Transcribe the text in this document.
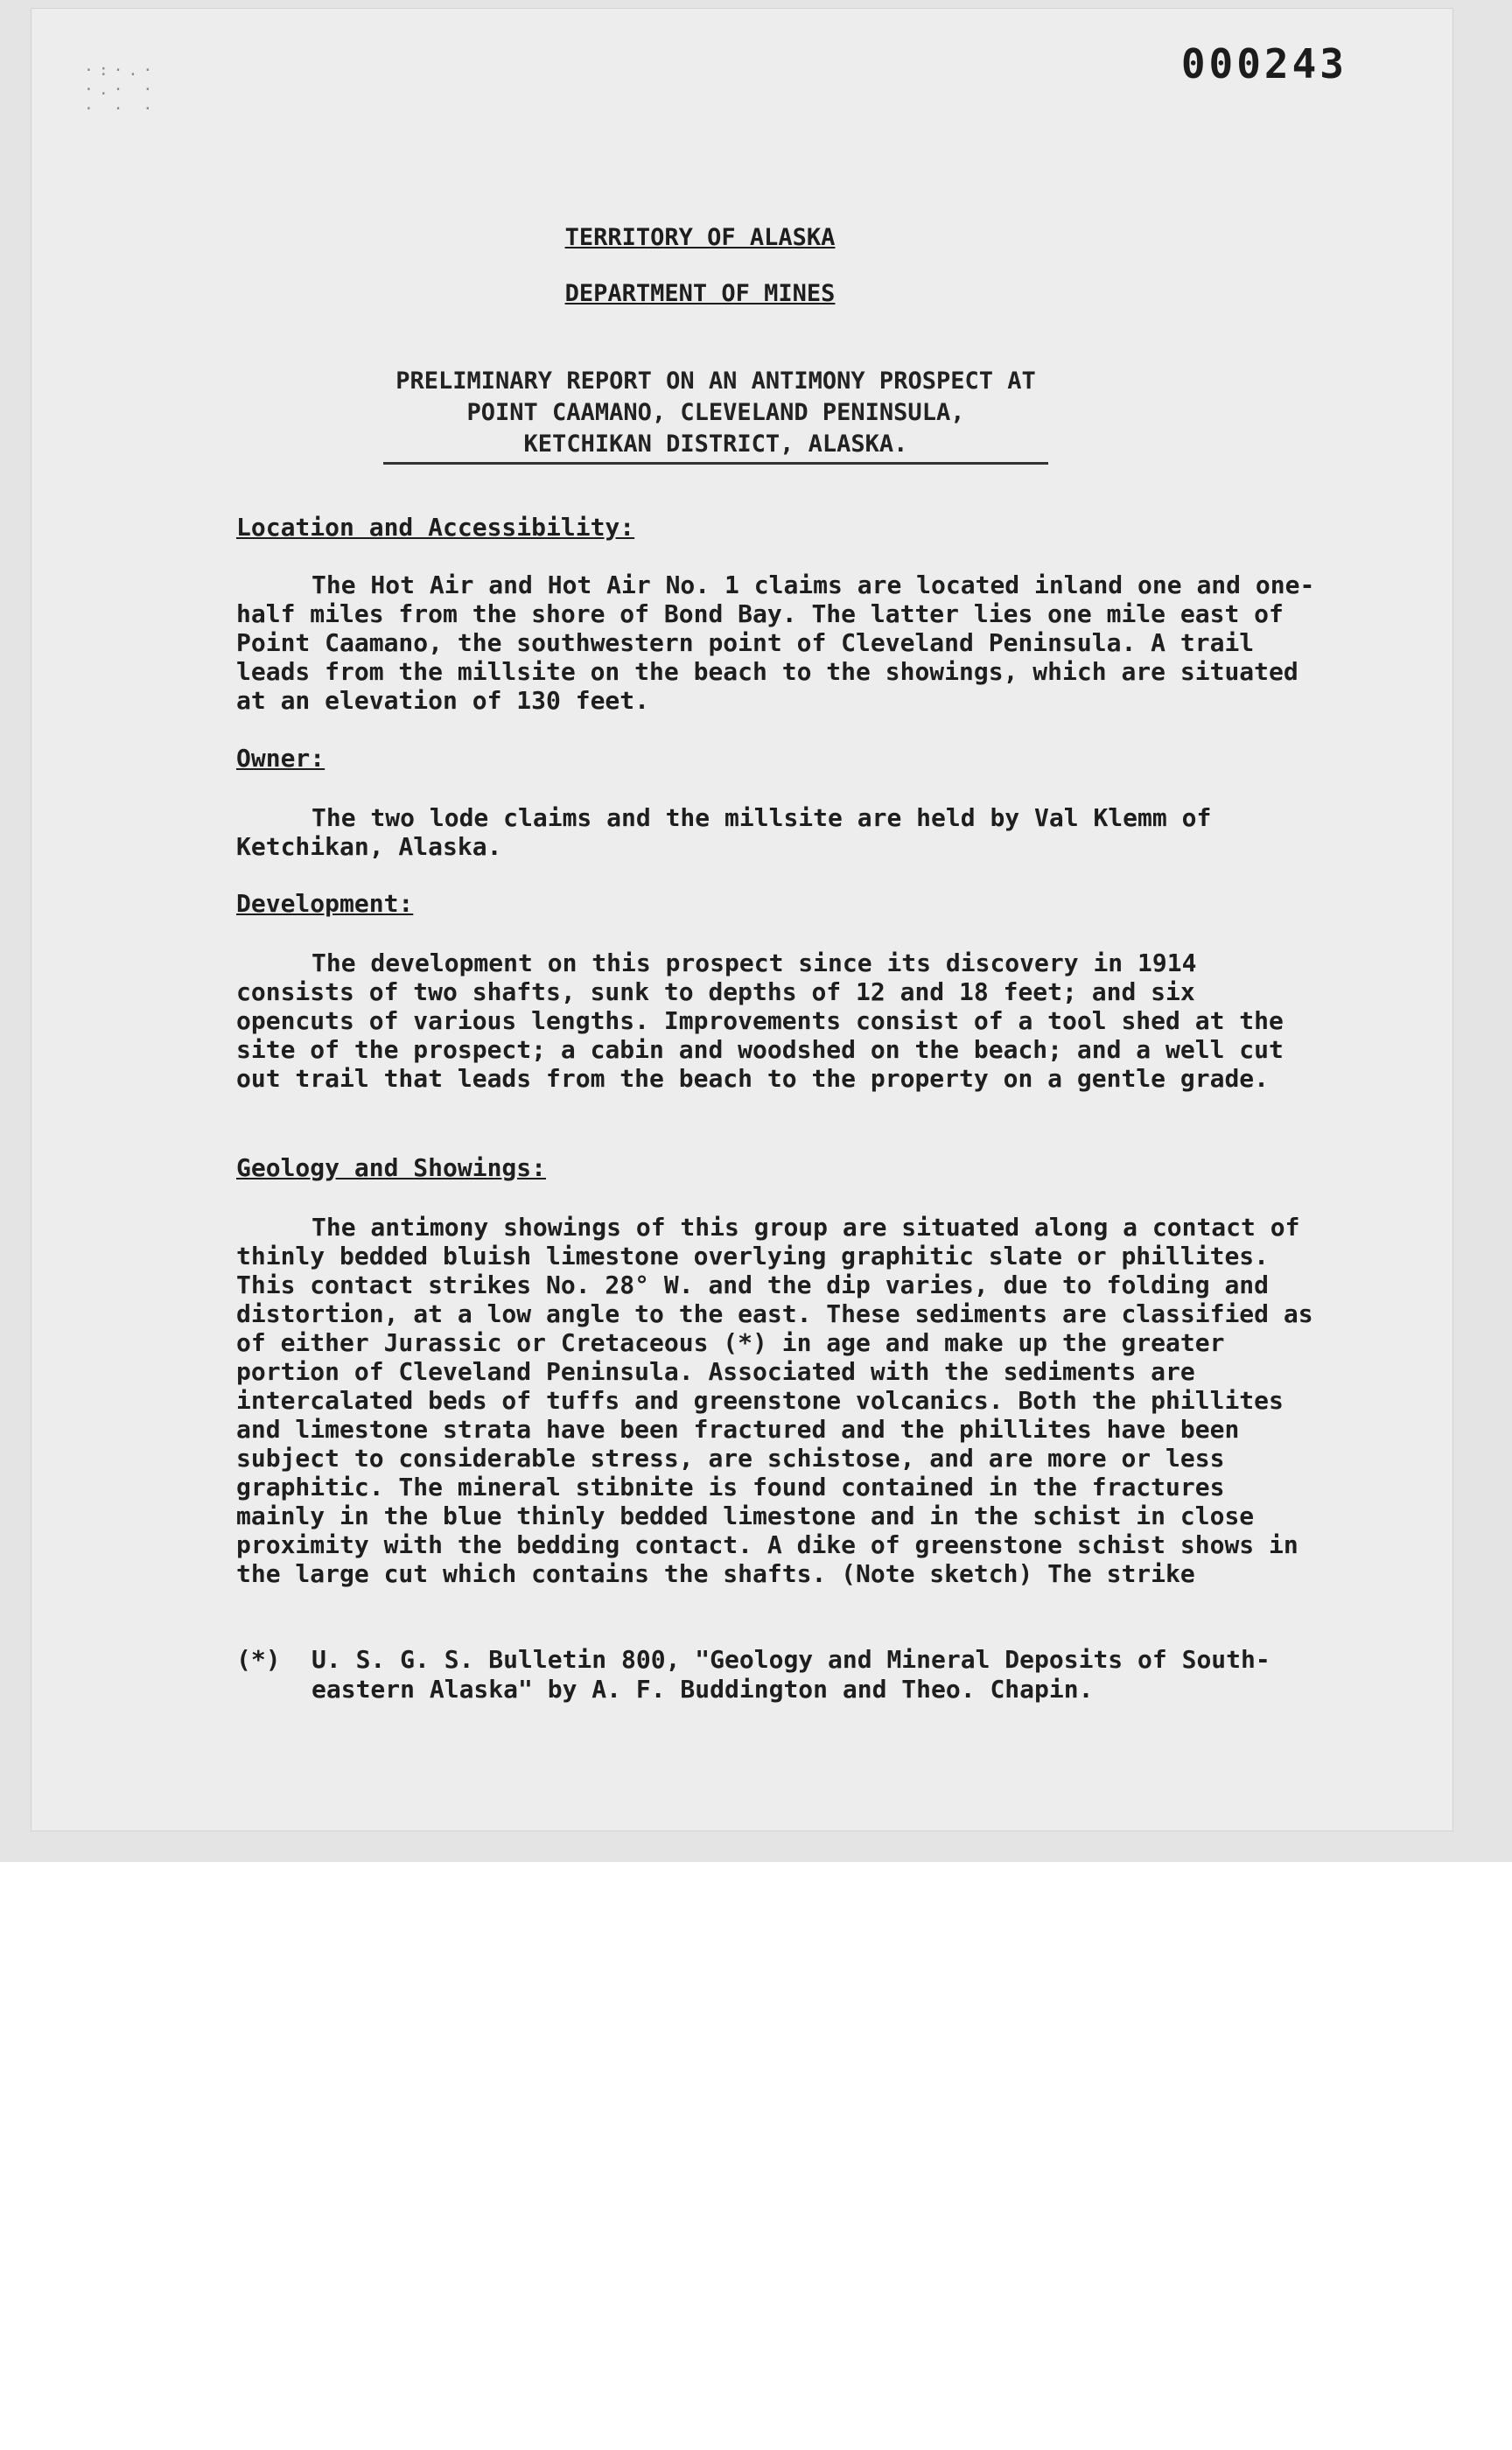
·:·.·
·.· ·
· · ·
000243
TERRITORY OF ALASKA
DEPARTMENT OF MINES
PRELIMINARY REPORT ON AN ANTIMONY PROSPECT AT
POINT CAAMANO, CLEVELAND PENINSULA,
KETCHIKAN DISTRICT, ALASKA.
Location and Accessibility:
The Hot Air and Hot Air No. 1 claims are located inland one and one-half miles from the shore of Bond Bay. The latter lies one mile east of Point Caamano, the southwestern point of Cleveland Peninsula. A trail leads from the millsite on the beach to the showings, which are situated at an elevation of 130 feet.
Owner:
The two lode claims and the millsite are held by Val Klemm of Ketchikan, Alaska.
Development:
The development on this prospect since its discovery in 1914 consists of two shafts, sunk to depths of 12 and 18 feet; and six opencuts of various lengths. Improvements consist of a tool shed at the site of the prospect; a cabin and woodshed on the beach; and a well cut out trail that leads from the beach to the property on a gentle grade.
Geology and Showings:
The antimony showings of this group are situated along a contact of thinly bedded bluish limestone overlying graphitic slate or phillites. This contact strikes No. 28° W. and the dip varies, due to folding and distortion, at a low angle to the east. These sediments are classified as of either Jurassic or Cretaceous (*) in age and make up the greater portion of Cleveland Peninsula. Associated with the sediments are intercalated beds of tuffs and greenstone volcanics. Both the phillites and limestone strata have been fractured and the phillites have been subject to considerable stress, are schistose, and are more or less graphitic. The mineral stibnite is found contained in the fractures mainly in the blue thinly bedded limestone and in the schist in close proximity with the bedding contact. A dike of greenstone schist shows in the large cut which contains the shafts. (Note sketch) The strike
(*) U. S. G. S. Bulletin 800, "Geology and Mineral Deposits of South-
eastern Alaska" by A. F. Buddington and Theo. Chapin.
